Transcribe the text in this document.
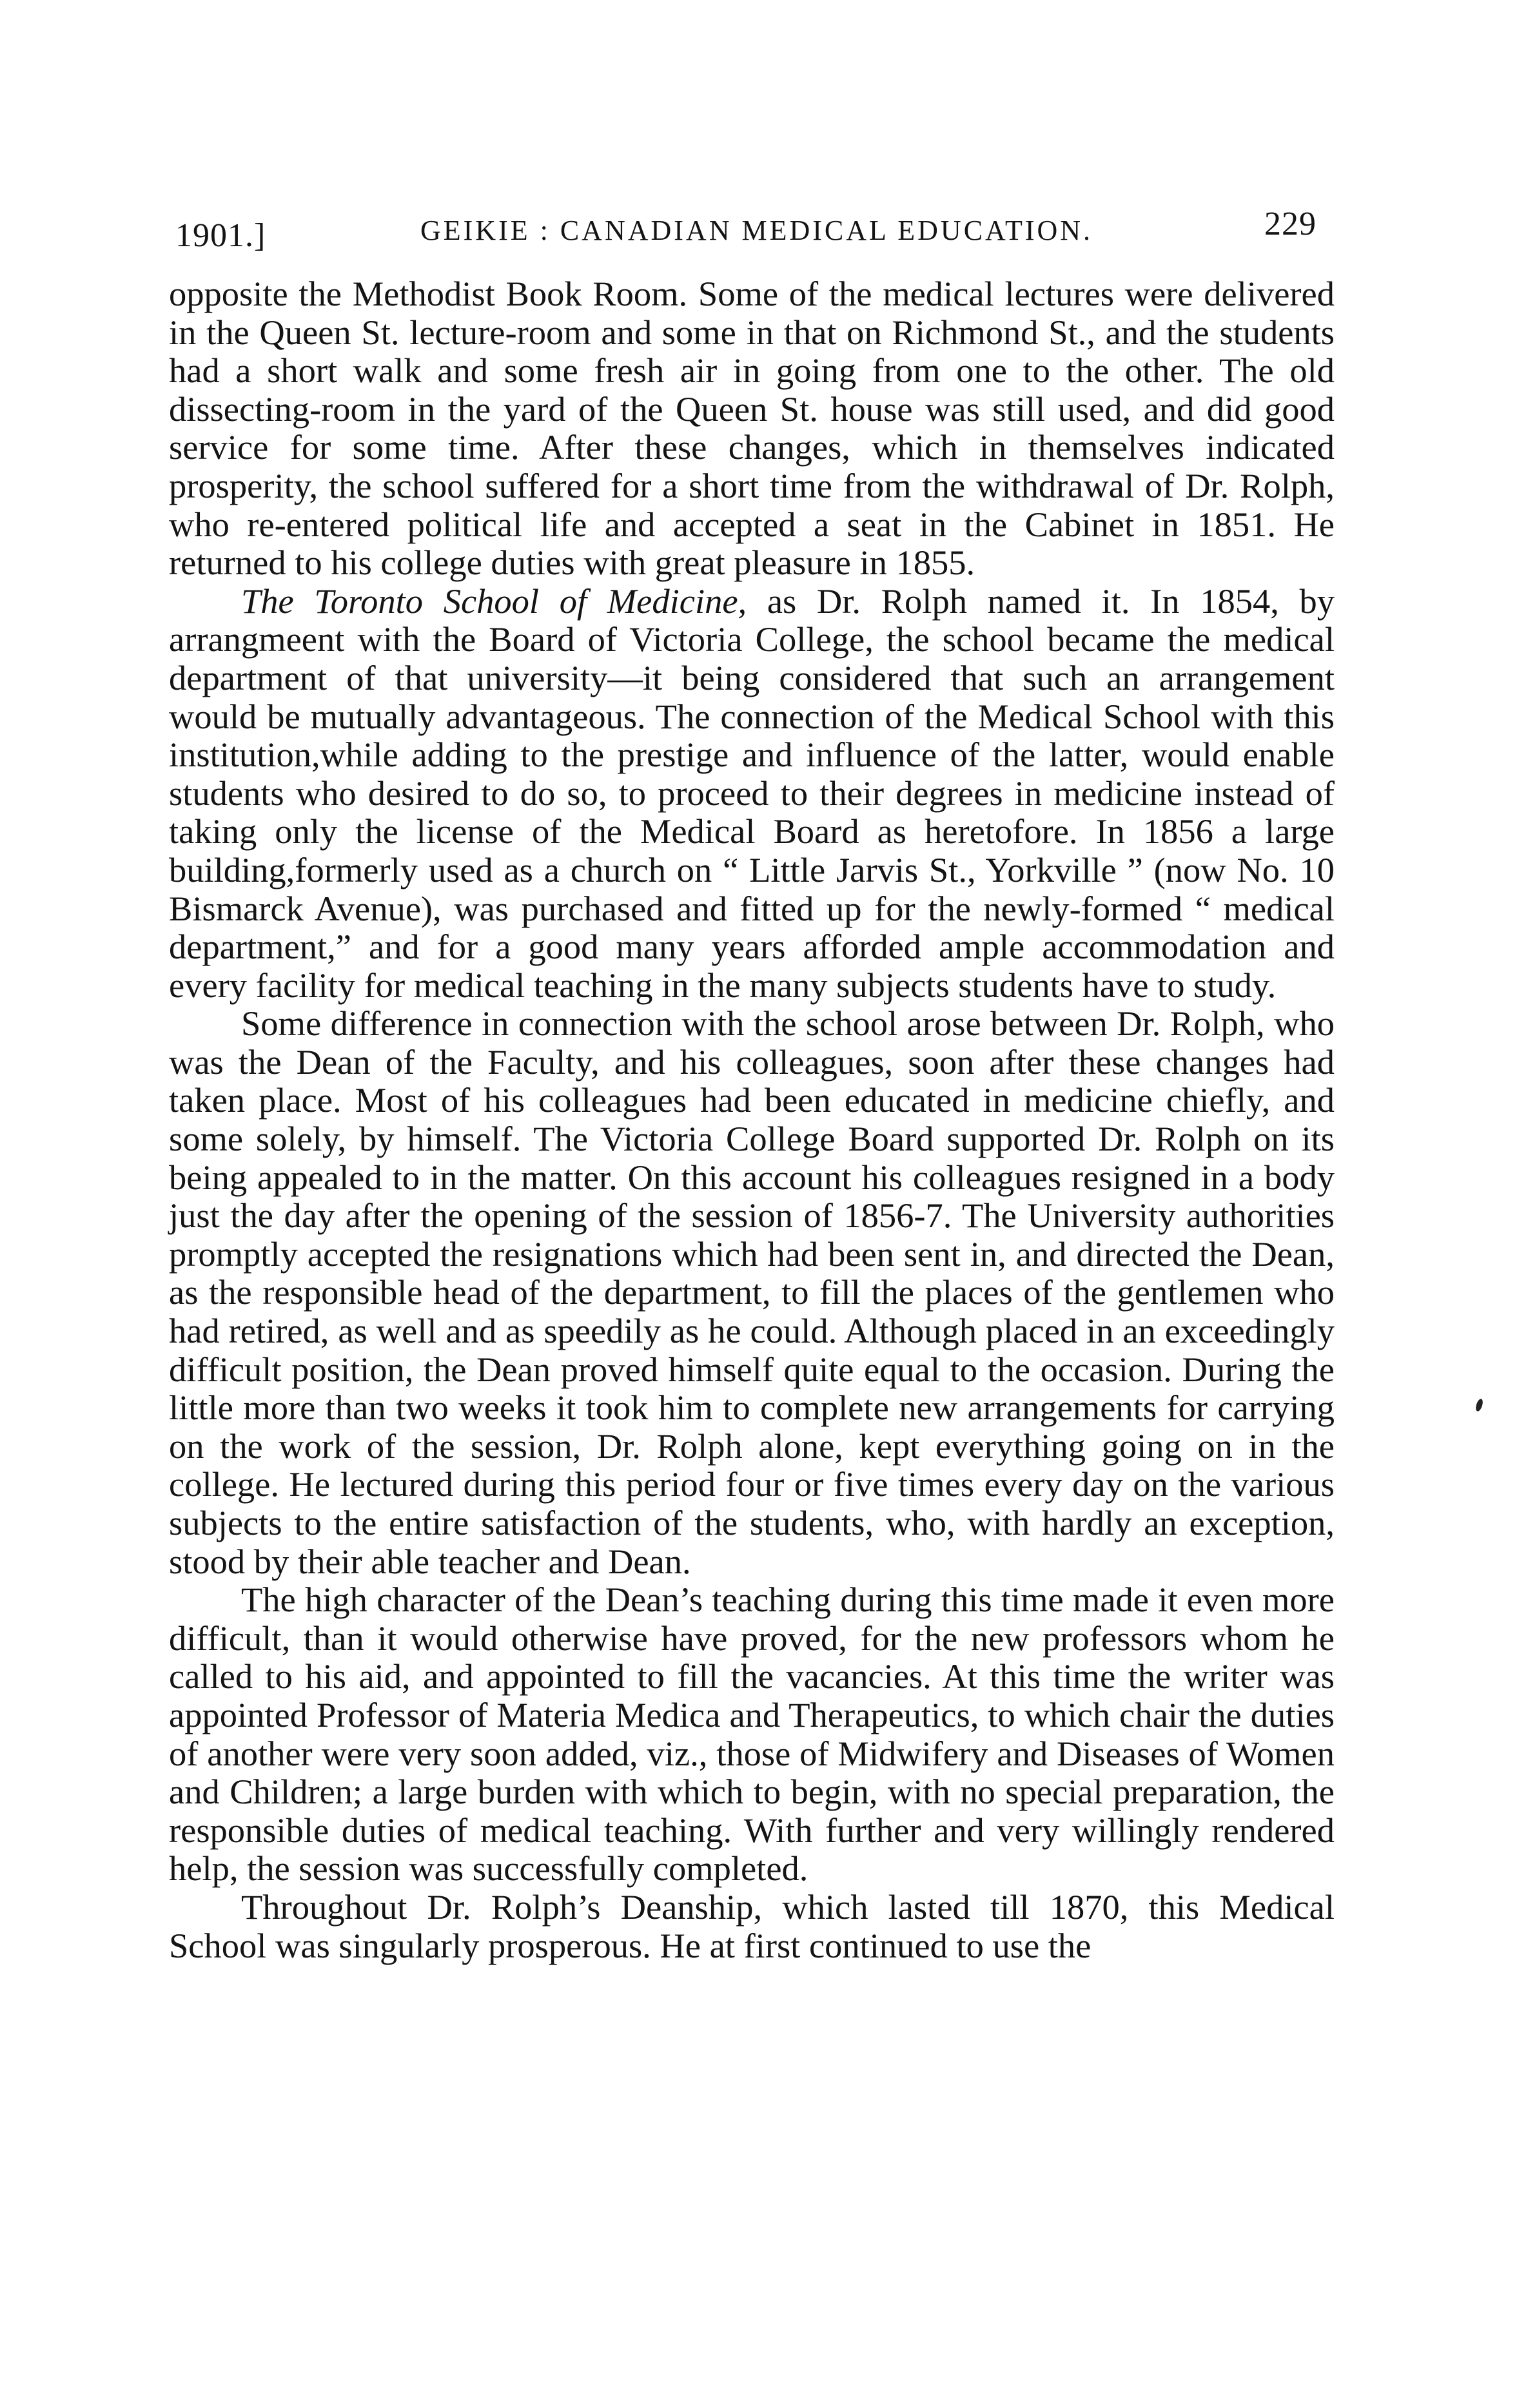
1901.]	GEIKIE : CANADIAN MEDICAL EDUCATION.	229

opposite the Methodist Book Room. Some of the medical lectures were delivered in the Queen St. lecture-room and some in that on Richmond St., and the students had a short walk and some fresh air in going from one to the other. The old dissecting-room in the yard of the Queen St. house was still used, and did good service for some time. After these changes, which in themselves indicated prosperity, the school suffered for a short time from the withdrawal of Dr. Rolph, who re-entered political life and accepted a seat in the Cabinet in 1851. He returned to his college duties with great pleasure in 1855.

The Toronto School of Medicine, as Dr. Rolph named it. In 1854, by arrangmeent with the Board of Victoria College, the school became the medical department of that university—it being considered that such an arrangement would be mutually advantageous. The connection of the Medical School with this institution,while adding to the prestige and influence of the latter, would enable students who desired to do so, to proceed to their degrees in medicine instead of taking only the license of the Medical Board as heretofore. In 1856 a large building,formerly used as a church on “ Little Jarvis St., Yorkville ” (now No. 10 Bismarck Avenue), was purchased and fitted up for the newly-formed “ medical department,” and for a good many years afforded ample accommodation and every facility for medical teaching in the many subjects students have to study.

Some difference in connection with the school arose between Dr. Rolph, who was the Dean of the Faculty, and his colleagues, soon after these changes had taken place. Most of his colleagues had been educated in medicine chiefly, and some solely, by himself. The Victoria College Board supported Dr. Rolph on its being appealed to in the matter. On this account his colleagues resigned in a body just the day after the opening of the session of 1856-7. The University authorities promptly accepted the resignations which had been sent in, and directed the Dean, as the responsible head of the department, to fill the places of the gentlemen who had retired, as well and as speedily as he could. Although placed in an exceedingly difficult position, the Dean proved himself quite equal to the occasion. During the little more than two weeks it took him to complete new arrangements for carrying on the work of the session, Dr. Rolph alone, kept everything going on in the college. He lectured during this period four or five times every day on the various subjects to the entire satisfaction of the students, who, with hardly an exception, stood by their able teacher and Dean.

The high character of the Dean’s teaching during this time made it even more difficult, than it would otherwise have proved, for the new professors whom he called to his aid, and appointed to fill the vacancies. At this time the writer was appointed Professor of Materia Medica and Therapeutics, to which chair the duties of another were very soon added, viz., those of Midwifery and Diseases of Women and Children; a large burden with which to begin, with no special preparation, the responsible duties of medical teaching. With further and very willingly rendered help, the session was successfully completed.

Throughout Dr. Rolph’s Deanship, which lasted till 1870, this Medical School was singularly prosperous. He at first continued to use the
